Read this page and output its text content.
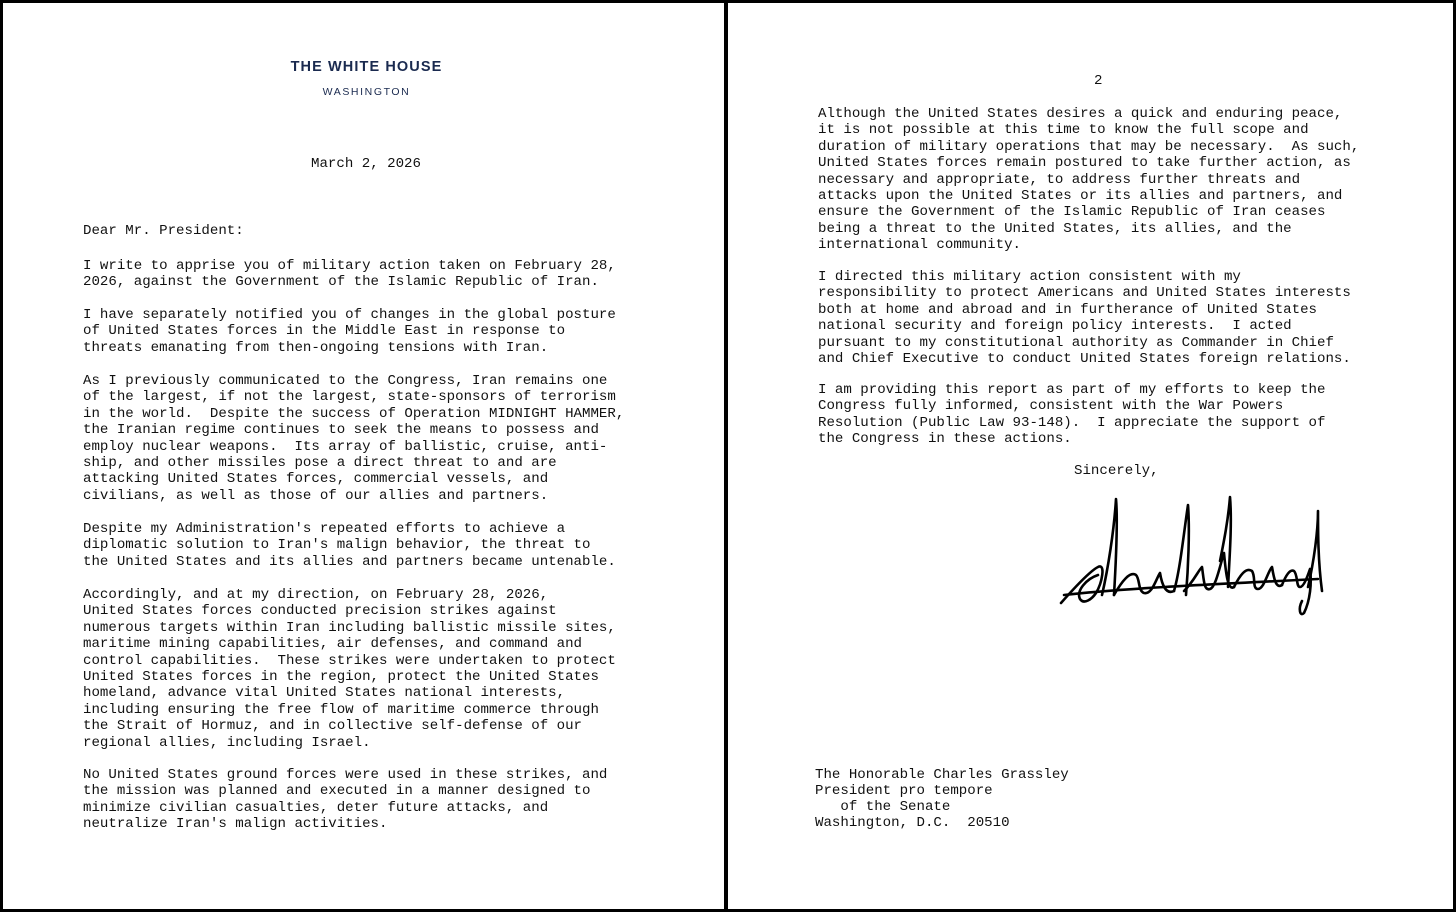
THE WHITE HOUSE
WASHINGTON
March 2, 2026
Dear Mr. President:
I write to apprise you of military action taken on February 28,
2026, against the Government of the Islamic Republic of Iran.
I have separately notified you of changes in the global posture
of United States forces in the Middle East in response to
threats emanating from then-ongoing tensions with Iran.
As I previously communicated to the Congress, Iran remains one
of the largest, if not the largest, state-sponsors of terrorism
in the world.  Despite the success of Operation MIDNIGHT HAMMER,
the Iranian regime continues to seek the means to possess and
employ nuclear weapons.  Its array of ballistic, cruise, anti-
ship, and other missiles pose a direct threat to and are
attacking United States forces, commercial vessels, and
civilians, as well as those of our allies and partners.
Despite my Administration's repeated efforts to achieve a
diplomatic solution to Iran's malign behavior, the threat to
the United States and its allies and partners became untenable.
Accordingly, and at my direction, on February 28, 2026,
United States forces conducted precision strikes against
numerous targets within Iran including ballistic missile sites,
maritime mining capabilities, air defenses, and command and
control capabilities.  These strikes were undertaken to protect
United States forces in the region, protect the United States
homeland, advance vital United States national interests,
including ensuring the free flow of maritime commerce through
the Strait of Hormuz, and in collective self-defense of our
regional allies, including Israel.
No United States ground forces were used in these strikes, and
the mission was planned and executed in a manner designed to
minimize civilian casualties, deter future attacks, and
neutralize Iran's malign activities.
2
Although the United States desires a quick and enduring peace,
it is not possible at this time to know the full scope and
duration of military operations that may be necessary.  As such,
United States forces remain postured to take further action, as
necessary and appropriate, to address further threats and
attacks upon the United States or its allies and partners, and
ensure the Government of the Islamic Republic of Iran ceases
being a threat to the United States, its allies, and the
international community.
I directed this military action consistent with my
responsibility to protect Americans and United States interests
both at home and abroad and in furtherance of United States
national security and foreign policy interests.  I acted
pursuant to my constitutional authority as Commander in Chief
and Chief Executive to conduct United States foreign relations.
I am providing this report as part of my efforts to keep the
Congress fully informed, consistent with the War Powers
Resolution (Public Law 93-148).  I appreciate the support of
the Congress in these actions.
Sincerely,
The Honorable Charles Grassley
President pro tempore
of the Senate
Washington, D.C.  20510
